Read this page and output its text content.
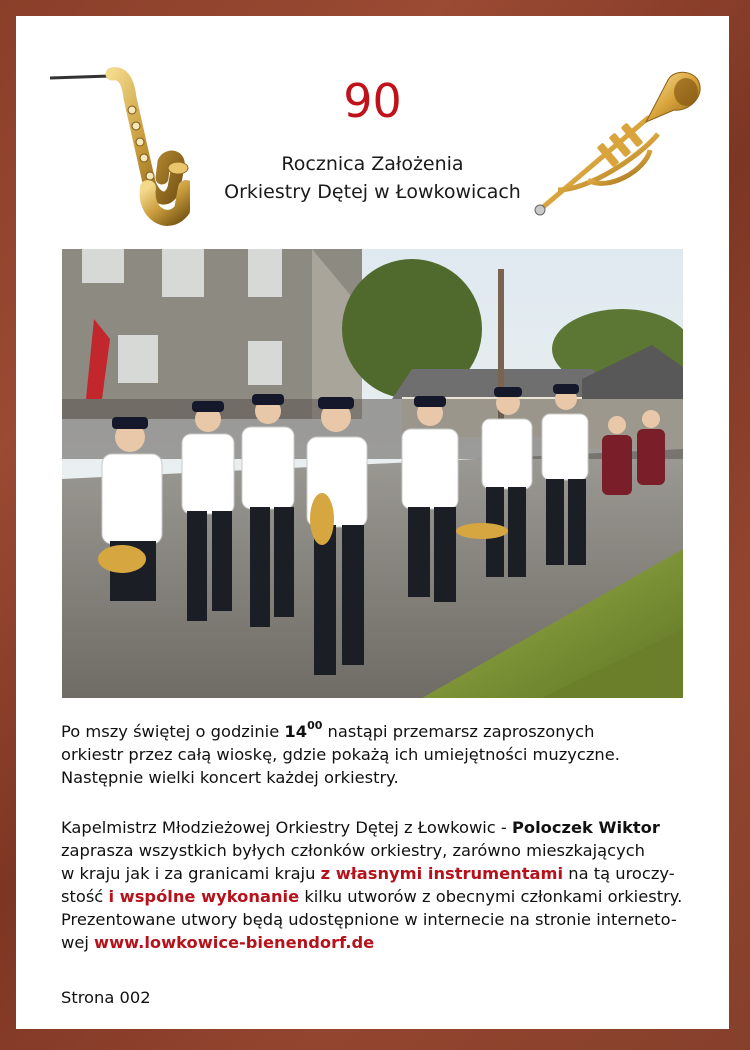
90
Rocznica Założenia
Orkiestry Dętej w Łowkowicach
Po mszy świętej o godzinie $14^{00}$ nastąpi przemarsz zaproszonych
orkiestr przez całą wioskę, gdzie pokażą ich umiejętności muzyczne.
Następnie wielki koncert każdej orkiestry.
Kapelmistrz Młodzieżowej Orkiestry Dętej z Łowkowic - Poloczek Wiktor
zaprasza wszystkich byłych członków orkiestry, zarówno mieszkających
w kraju jak i za granicami kraju z własnymi instrumentami na tą uroczy-
stość i wspólne wykonanie kilku utworów z obecnymi członkami orkiestry.
Prezentowane utwory będą udostępnione w internecie na stronie interneto-
wej www.lowkowice-bienendorf.de
Strona 002
